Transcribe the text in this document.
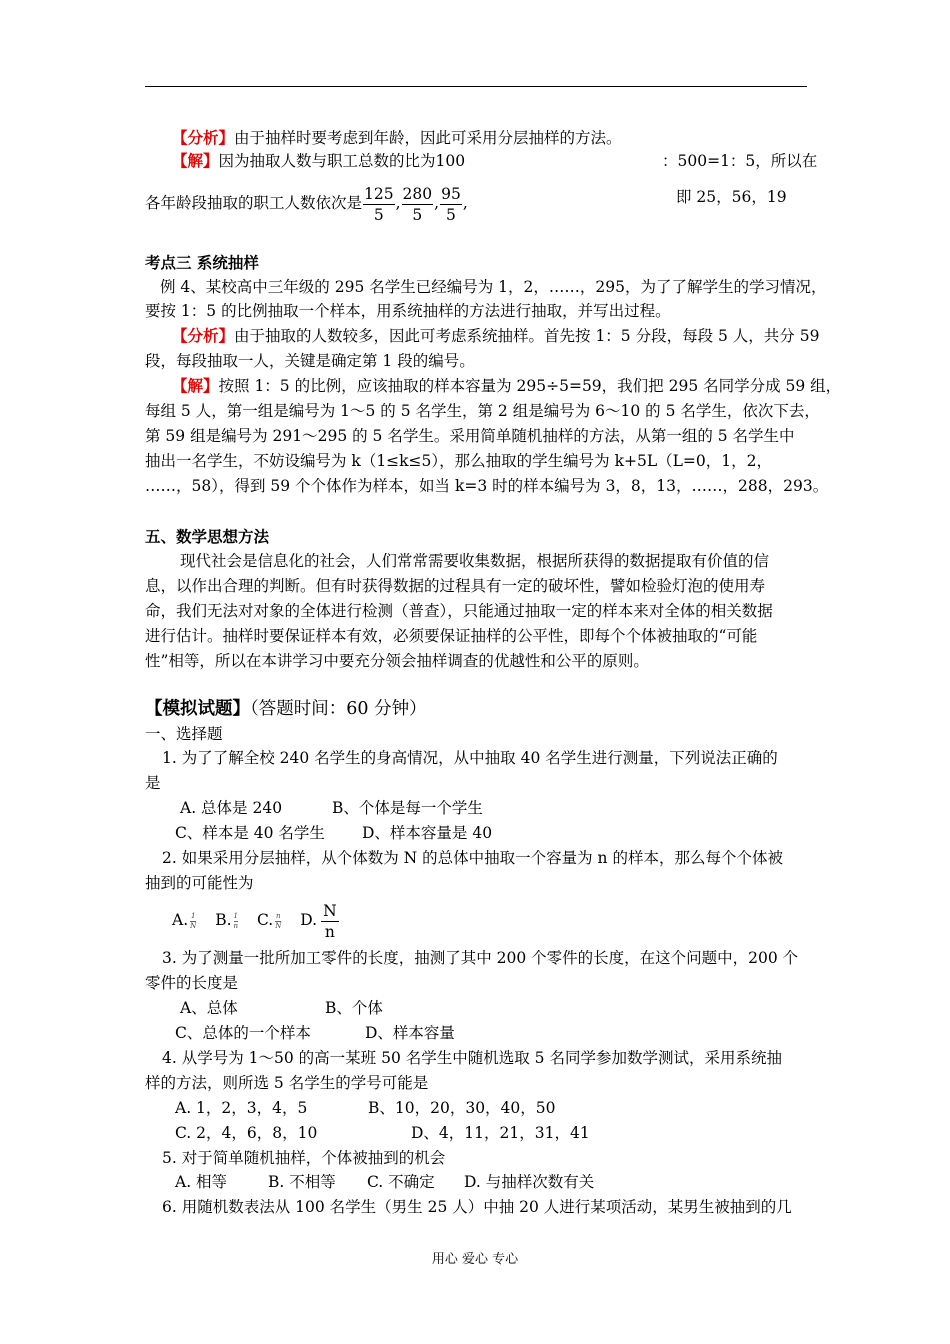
【分析】由于抽样时要考虑到年龄，因此可采用分层抽样的方法。
【解】因为抽取人数与职工总数的比为100	：500=1：5，所以在
各年龄段抽取的职工人数依次是 $\frac{125}{5}$ , $\frac{280}{5}$ , $\frac{95}{5}$ ,	即 25，56，19
考点三 系统抽样
例 4、某校高中三年级的 295 名学生已经编号为 1，2，……，295，为了了解学生的学习情况，
要按 1：5 的比例抽取一个样本，用系统抽样的方法进行抽取，并写出过程。
【分析】由于抽取的人数较多，因此可考虑系统抽样。首先按 1：5 分段，每段 5 人，共分 59
段，每段抽取一人，关键是确定第 1 段的编号。
【解】按照 1：5 的比例，应该抽取的样本容量为 295÷5=59，我们把 295 名同学分成 59 组，
每组 5 人，第一组是编号为 1～5 的 5 名学生，第 2 组是编号为 6～10 的 5 名学生，依次下去，
第 59 组是编号为 291～295 的 5 名学生。采用简单随机抽样的方法，从第一组的 5 名学生中
抽出一名学生，不妨设编号为 k（1≤k≤5），那么抽取的学生编号为 k+5L（L=0，1，2，
……，58），得到 59 个个体作为样本，如当 k=3 时的样本编号为 3，8，13，……，288，293。
五、数学思想方法
现代社会是信息化的社会，人们常常需要收集数据，根据所获得的数据提取有价值的信
息，以作出合理的判断。但有时获得数据的过程具有一定的破坏性，譬如检验灯泡的使用寿
命，我们无法对对象的全体进行检测（普查），只能通过抽取一定的样本来对全体的相关数据
进行估计。抽样时要保证样本有效，必须要保证抽样的公平性，即每个个体被抽取的“可能
性”相等，所以在本讲学习中要充分领会抽样调查的优越性和公平的原则。
【模拟试题】（答题时间：60 分钟）
一、选择题
1. 为了了解全校 240 名学生的身高情况，从中抽取 40 名学生进行测量，下列说法正确的
是
A. 总体是 240	B、个体是每一个学生
C、样本是 40 名学生 D、样本容量是 40
2. 如果采用分层抽样，从个体数为 N 的总体中抽取一个容量为 n 的样本，那么每个个体被
抽到的可能性为
A. $\frac{1}{N} B$. $\frac{1}{n} C$. $\frac{n}{N} D$. $\frac{N}{n}$
3. 为了测量一批所加工零件的长度，抽测了其中 200 个零件的长度，在这个问题中，200 个
零件的长度是
A、总体	B、个体
C、总体的一个样本	D、样本容量
4. 从学号为 1～50 的高一某班 50 名学生中随机选取 5 名同学参加数学测试，采用系统抽
样的方法，则所选 5 名学生的学号可能是
A. 1，2，3，4，5	B、10，20，30，40，50
C. 2，4，6，8，10	D、4，11，21，31，41
5. 对于简单随机抽样，个体被抽到的机会
A. 相等	B. 不相等 C. 不确定 D. 与抽样次数有关
6. 用随机数表法从 100 名学生（男生 25 人）中抽 20 人进行某项活动，某男生被抽到的几
用心 爱心 专心
